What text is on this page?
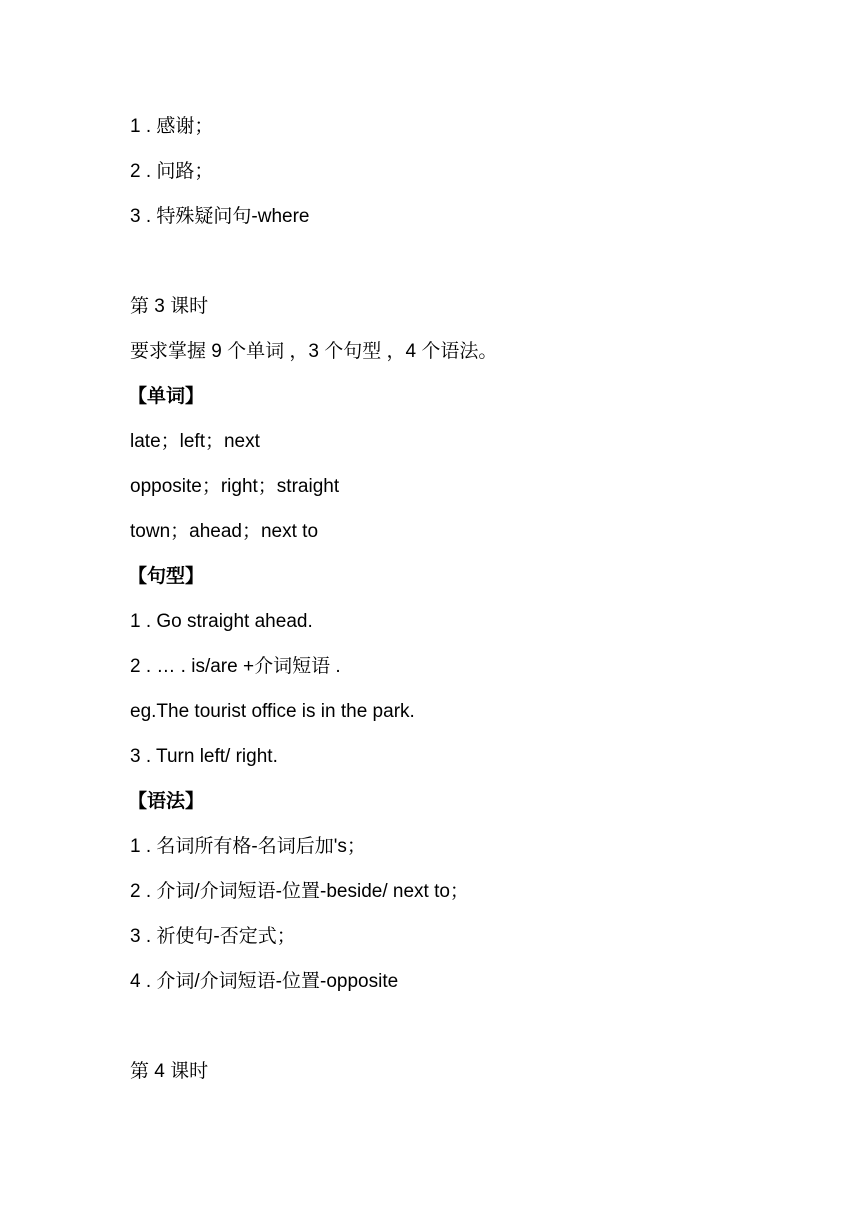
1 . 感谢；
2 . 问路；
3 . 特殊疑问句-where
第 3 课时
要求掌握 9 个单词 ，3 个句型 ，4 个语法。
【单词】
late；left；next
opposite；right；straight
town；ahead；next to
【句型】
1 . Go straight ahead.
2 . … . is/are +介词短语 .
eg.The tourist office is in the park.
3 . Turn left/ right.
【语法】
1 . 名词所有格-名词后加's；
2 . 介词/介词短语-位置-beside/ next to；
3 . 祈使句-否定式；
4 . 介词/介词短语-位置-opposite
第 4 课时
